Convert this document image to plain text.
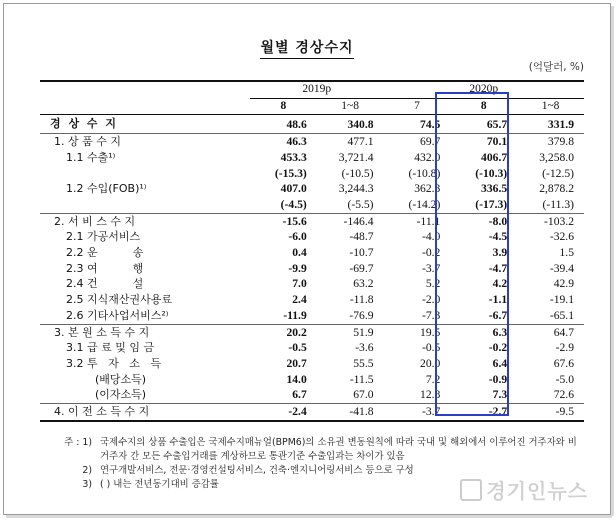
월별 경상수지
(억달러, %)
	2019p		2020p		
	8	1~8	7	8	1~8
경 상 수 지	48.6	340.8	74.5	65.7	331.9
1. 상 품 수 지	46.3	477.1	69.7	70.1	379.8
1.1 수출¹⁾	453.3	3,721.4	432.0	406.7	3,258.0
	(-15.3)	(-10.5)	(-10.8)	(-10.3)	(-12.5)
1.2 수입(FOB)¹⁾	407.0	3,244.3	362.3	336.5	2,878.2
	(-4.5)	(-5.5)	(-14.2)	(-17.3)	(-11.3)
2. 서 비 스 수 지	-15.6	-146.4	-11.1	-8.0	-103.2
2.1 가공서비스	-6.0	-48.7	-4.0	-4.5	-32.6
2.2 운          송	0.4	-10.7	-0.2	3.9	1.5
2.3 여          행	-9.9	-69.7	-3.7	-4.7	-39.4
2.4 건          설	7.0	63.2	5.2	4.2	42.9
2.5 지식재산권사용료	2.4	-11.8	-2.0	-1.1	-19.1
2.6 기타사업서비스²⁾	-11.9	-76.9	-7.3	-6.7	-65.1
3. 본 원 소 득 수 지	20.2	51.9	19.5	6.3	64.7
3.1 급 료 및 임 금	-0.5	-3.6	-0.5	-0.2	-2.9
3.2 투   자   소   득	20.7	55.5	20.0	6.4	67.6
(배당소득)	14.0	-11.5	7.2	-0.9	-5.0
(이자소득)	6.7	67.0	12.8	7.3	72.6
4. 이 전 소 득 수 지	-2.4	-41.8	-3.7	-2.7	-9.5
주 : 1) 국제수지의 상품 수출입은 국제수지매뉴얼(BPM6)의 소유권 변동원칙에 따라 국내 및 해외에서 이루어진 거주자와 비거주자 간 모든 수출입거래를 계상하므로 통관기준 수출입과는 차이가 있음
2) 연구개발서비스, 전문·경영컨설팅서비스, 건축·엔지니어링서비스 등으로 구성
3) ( ) 내는 전년동기대비 증감률	경기인뉴스
